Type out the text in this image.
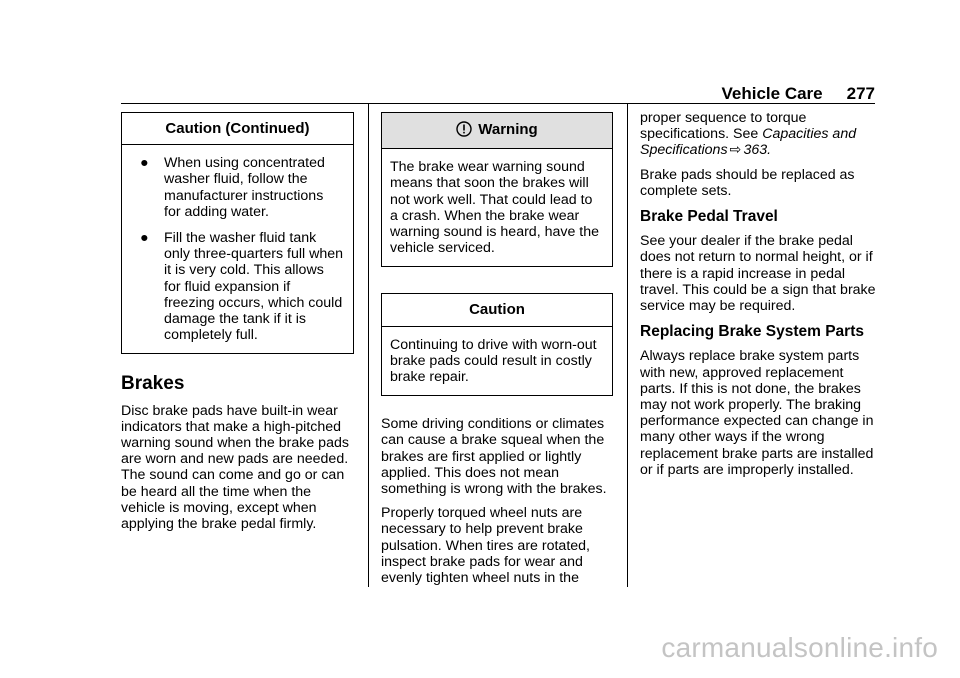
Vehicle Care 277
Caution (Continued)
●	When using concentrated washer fluid, follow the manufacturer instructions for adding water.
●	Fill the washer fluid tank only three-quarters full when it is very cold. This allows for fluid expansion if freezing occurs, which could damage the tank if it is completely full.
Brakes

Disc brake pads have built-in wear indicators that make a high-pitched warning sound when the brake pads are worn and new pads are needed. The sound can come and go or can be heard all the time when the vehicle is moving, except when applying the brake pedal firmly.

Warning
The brake wear warning sound means that soon the brakes will not work well. That could lead to a crash. When the brake wear warning sound is heard, have the vehicle serviced.
Caution
Continuing to drive with worn-out brake pads could result in costly brake repair.

Some driving conditions or climates can cause a brake squeal when the brakes are first applied or lightly applied. This does not mean something is wrong with the brakes.

Properly torqued wheel nuts are necessary to help prevent brake pulsation. When tires are rotated, inspect brake pads for wear and evenly tighten wheel nuts in the

proper sequence to torque specifications. See Capacities and Specifications ⇨ 363.

Brake pads should be replaced as complete sets.

Brake Pedal Travel

See your dealer if the brake pedal does not return to normal height, or if there is a rapid increase in pedal travel. This could be a sign that brake service may be required.

Replacing Brake System Parts

Always replace brake system parts with new, approved replacement parts. If this is not done, the brakes may not work properly. The braking performance expected can change in many other ways if the wrong replacement brake parts are installed or if parts are improperly installed.

carmanualsonline.info
